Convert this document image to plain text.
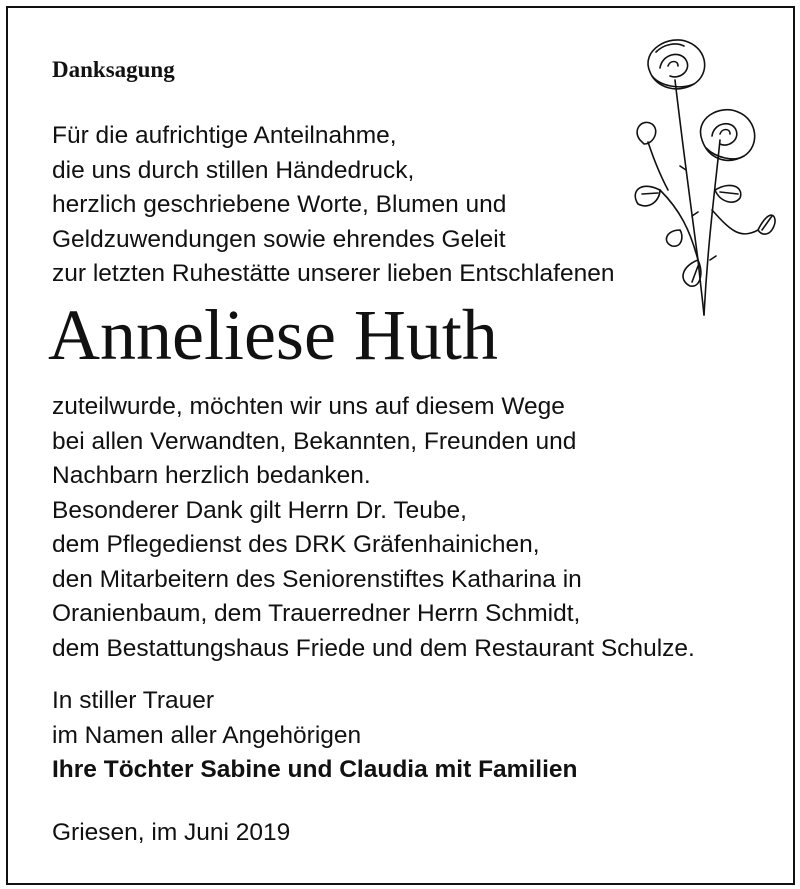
Danksagung
Für die aufrichtige Anteilnahme,
die uns durch stillen Händedruck,
herzlich geschriebene Worte, Blumen und
Geldzuwendungen sowie ehrendes Geleit
zur letzten Ruhestätte unserer lieben Entschlafenen
Anneliese Huth
zuteilwurde, möchten wir uns auf diesem Wege
bei allen Verwandten, Bekannten, Freunden und
Nachbarn herzlich bedanken.
Besonderer Dank gilt Herrn Dr. Teube,
dem Pflegedienst des DRK Gräfenhainichen,
den Mitarbeitern des Seniorenstiftes Katharina in
Oranienbaum, dem Trauerredner Herrn Schmidt,
dem Bestattungshaus Friede und dem Restaurant Schulze.
In stiller Trauer
im Namen aller Angehörigen
Ihre Töchter Sabine und Claudia mit Familien
Griesen, im Juni 2019
